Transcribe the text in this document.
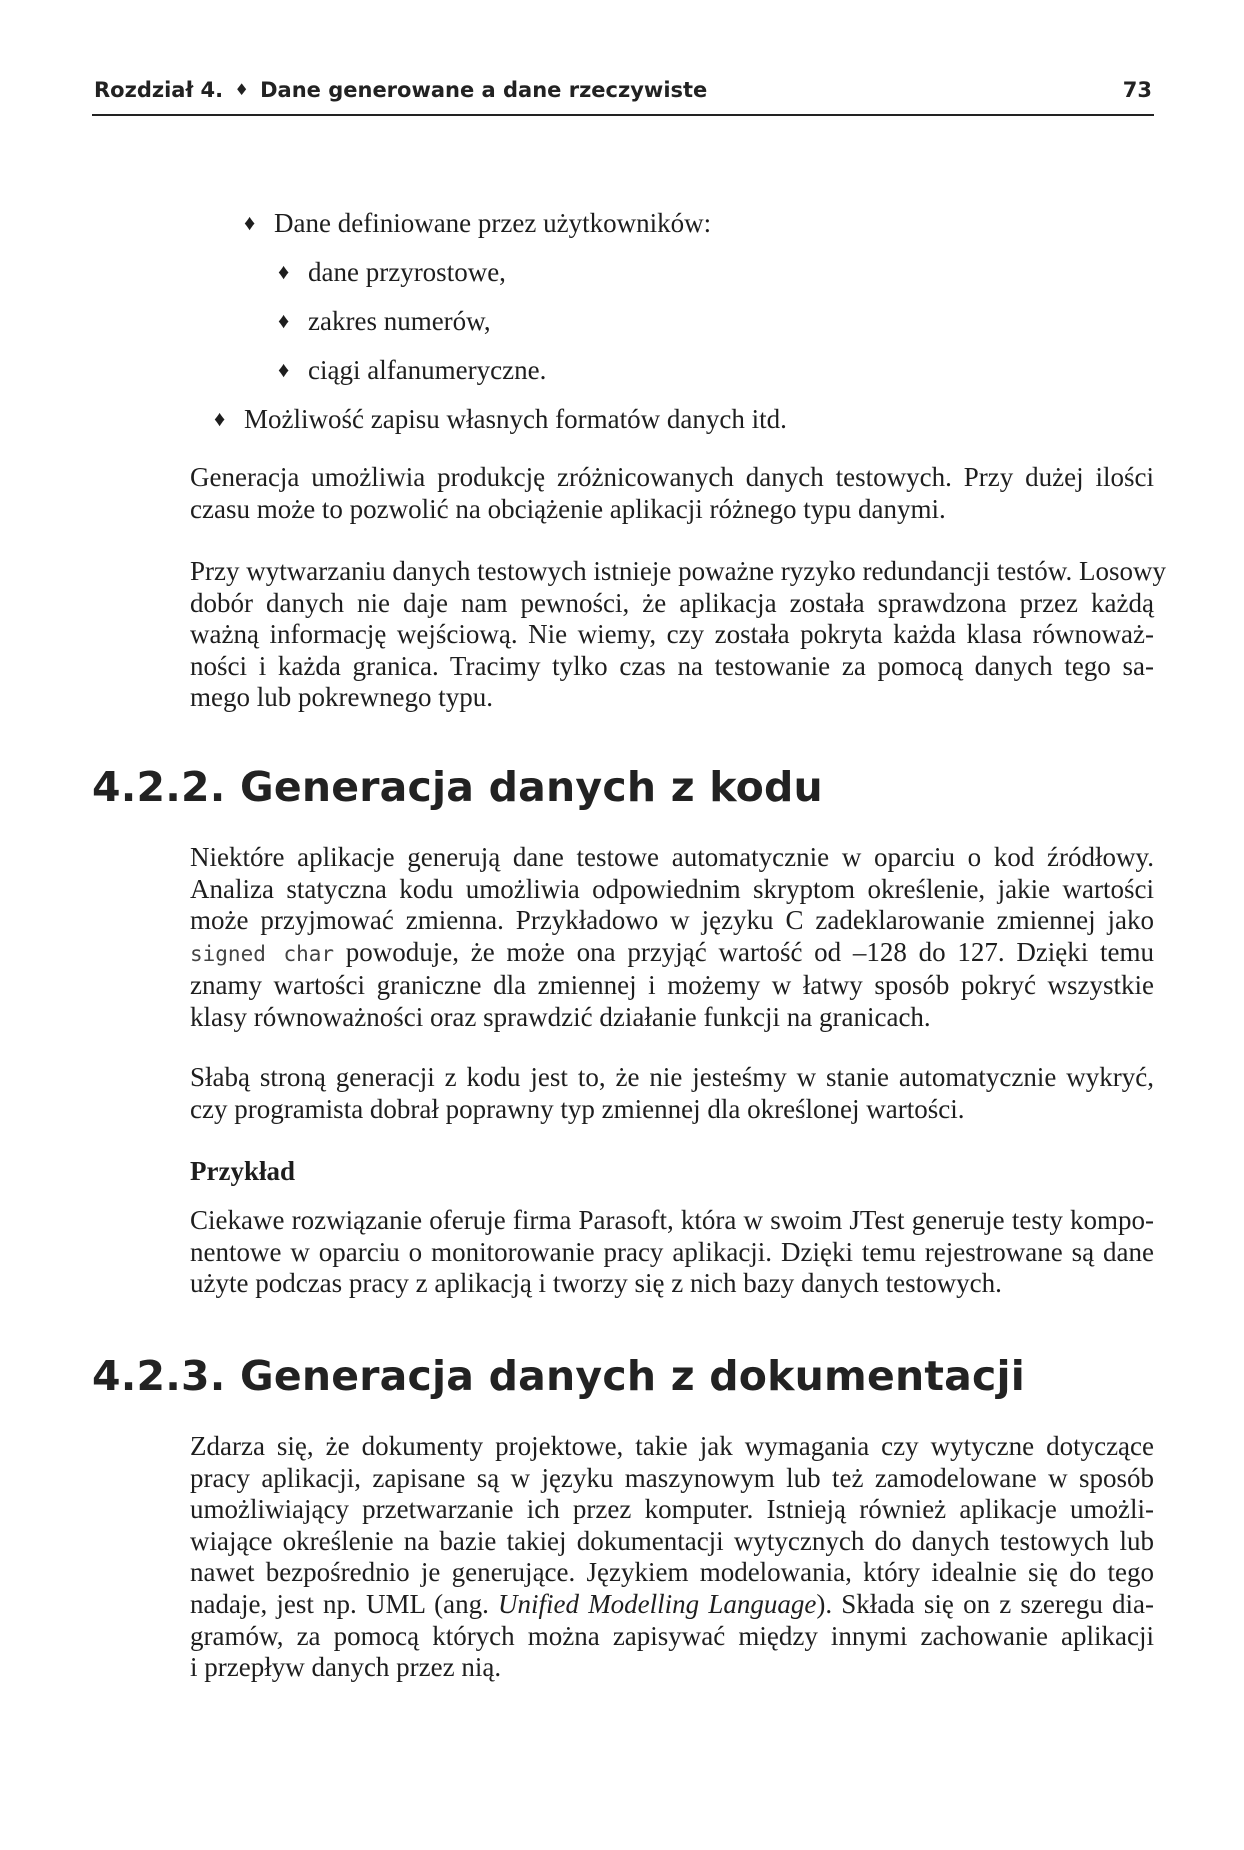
Rozdział 4. ♦ Dane generowane a dane rzeczywiste	73
♦ Dane definiowane przez użytkowników:
♦ dane przyrostowe,
♦ zakres numerów,
♦ ciągi alfanumeryczne.
♦ Możliwość zapisu własnych formatów danych itd.
Generacja umożliwia produkcję zróżnicowanych danych testowych. Przy dużej ilości
czasu może to pozwolić na obciążenie aplikacji różnego typu danymi.
Przy wytwarzaniu danych testowych istnieje poważne ryzyko redundancji testów. Losowy
dobór danych nie daje nam pewności, że aplikacja została sprawdzona przez każdą
ważną informację wejściową. Nie wiemy, czy została pokryta każda klasa równoważ-
ności i każda granica. Tracimy tylko czas na testowanie za pomocą danych tego sa-
mego lub pokrewnego typu.
4.2.2. Generacja danych z kodu
Niektóre aplikacje generują dane testowe automatycznie w oparciu o kod źródłowy.
Analiza statyczna kodu umożliwia odpowiednim skryptom określenie, jakie wartości
może przyjmować zmienna. Przykładowo w języku C zadeklarowanie zmiennej jako
signed char powoduje, że może ona przyjąć wartość od –128 do 127. Dzięki temu
znamy wartości graniczne dla zmiennej i możemy w łatwy sposób pokryć wszystkie
klasy równoważności oraz sprawdzić działanie funkcji na granicach.
Słabą stroną generacji z kodu jest to, że nie jesteśmy w stanie automatycznie wykryć,
czy programista dobrał poprawny typ zmiennej dla określonej wartości.
Przykład
Ciekawe rozwiązanie oferuje firma Parasoft, która w swoim JTest generuje testy kompo-
nentowe w oparciu o monitorowanie pracy aplikacji. Dzięki temu rejestrowane są dane
użyte podczas pracy z aplikacją i tworzy się z nich bazy danych testowych.
4.2.3. Generacja danych z dokumentacji
Zdarza się, że dokumenty projektowe, takie jak wymagania czy wytyczne dotyczące
pracy aplikacji, zapisane są w języku maszynowym lub też zamodelowane w sposób
umożliwiający przetwarzanie ich przez komputer. Istnieją również aplikacje umożli-
wiające określenie na bazie takiej dokumentacji wytycznych do danych testowych lub
nawet bezpośrednio je generujące. Językiem modelowania, który idealnie się do tego
nadaje, jest np. UML (ang. Unified Modelling Language). Składa się on z szeregu dia-
gramów, za pomocą których można zapisywać między innymi zachowanie aplikacji
i przepływ danych przez nią.
